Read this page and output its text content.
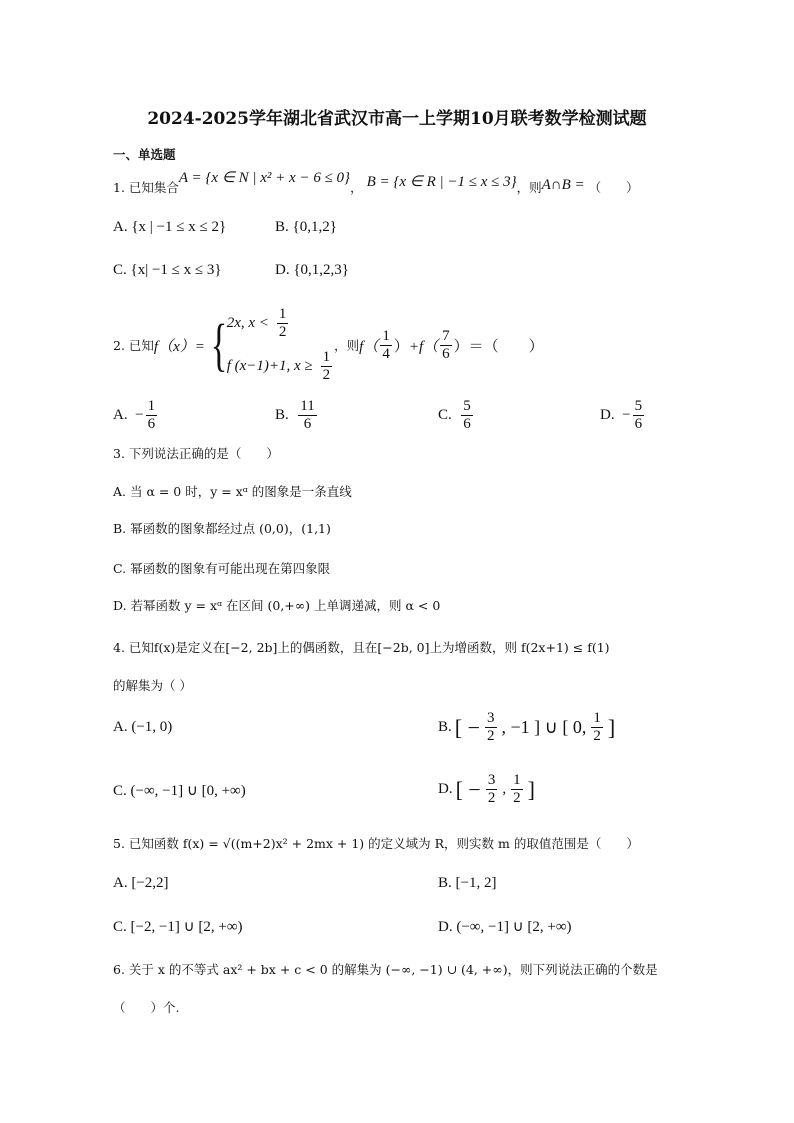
2024-2025学年湖北省武汉市高一上学期10月联考数学检测试题
一、单选题
1. 已知集合A = {x ∈ N | x² + x − 6 ≤ 0}， B = {x ∈ R | −1 ≤ x ≤ 3}，则A∩B = （　　）
A. {x | −1 ≤ x ≤ 2}	B. {0,1,2}
C. {x| −1 ≤ x ≤ 3}	D. {0,1,2,3}
2. 已知 f（x）= { 2x, $x < \frac{1}{2}$
f (x−1)+1, $x \ge \frac{1}{2}$
，则 $f( \frac{1}{4}$ ） $+f( \frac{7}{6}$ ）＝（　　）
A. − $\frac{1}{6}$	B. $\frac{11}{6}$	C. $\frac{5}{6}$	D. − $\frac{5}{6}$
3. 下列说法正确的是（　　）
A. 当 α = 0 时，y = xᵅ 的图象是一条直线
B. 幂函数的图象都经过点 (0,0)，(1,1)
C. 幂函数的图象有可能出现在第四象限
D. 若幂函数 y = xᵅ 在区间 (0,+∞) 上单调递减，则 α < 0
4. 已知f(x)是定义在[−2, 2b]上的偶函数，且在[−2b, 0]上为增函数，则 f(2x+1) ≤ f(1)
的解集为（ ）
A. (−1, 0)	B. [ − $\frac{3}{2}$ , −1 ] ∪ [ 0, $\frac{1}{2}$ ]
C. (−∞, −1] ∪ [0, +∞)	D. [ − $\frac{3}{2}$ , $\frac{1}{2}$ ]
5. 已知函数 f(x) = √((m+2)x² + 2mx + 1) 的定义域为 R，则实数 m 的取值范围是（　　）
A. [−2,2]	B. [−1, 2]
C. [−2, −1] ∪ [2, +∞)	D. (−∞, −1] ∪ [2, +∞)
6. 关于 x 的不等式 ax² + bx + c < 0 的解集为 (−∞, −1) ∪ (4, +∞)，则下列说法正确的个数是
（　　）个.
